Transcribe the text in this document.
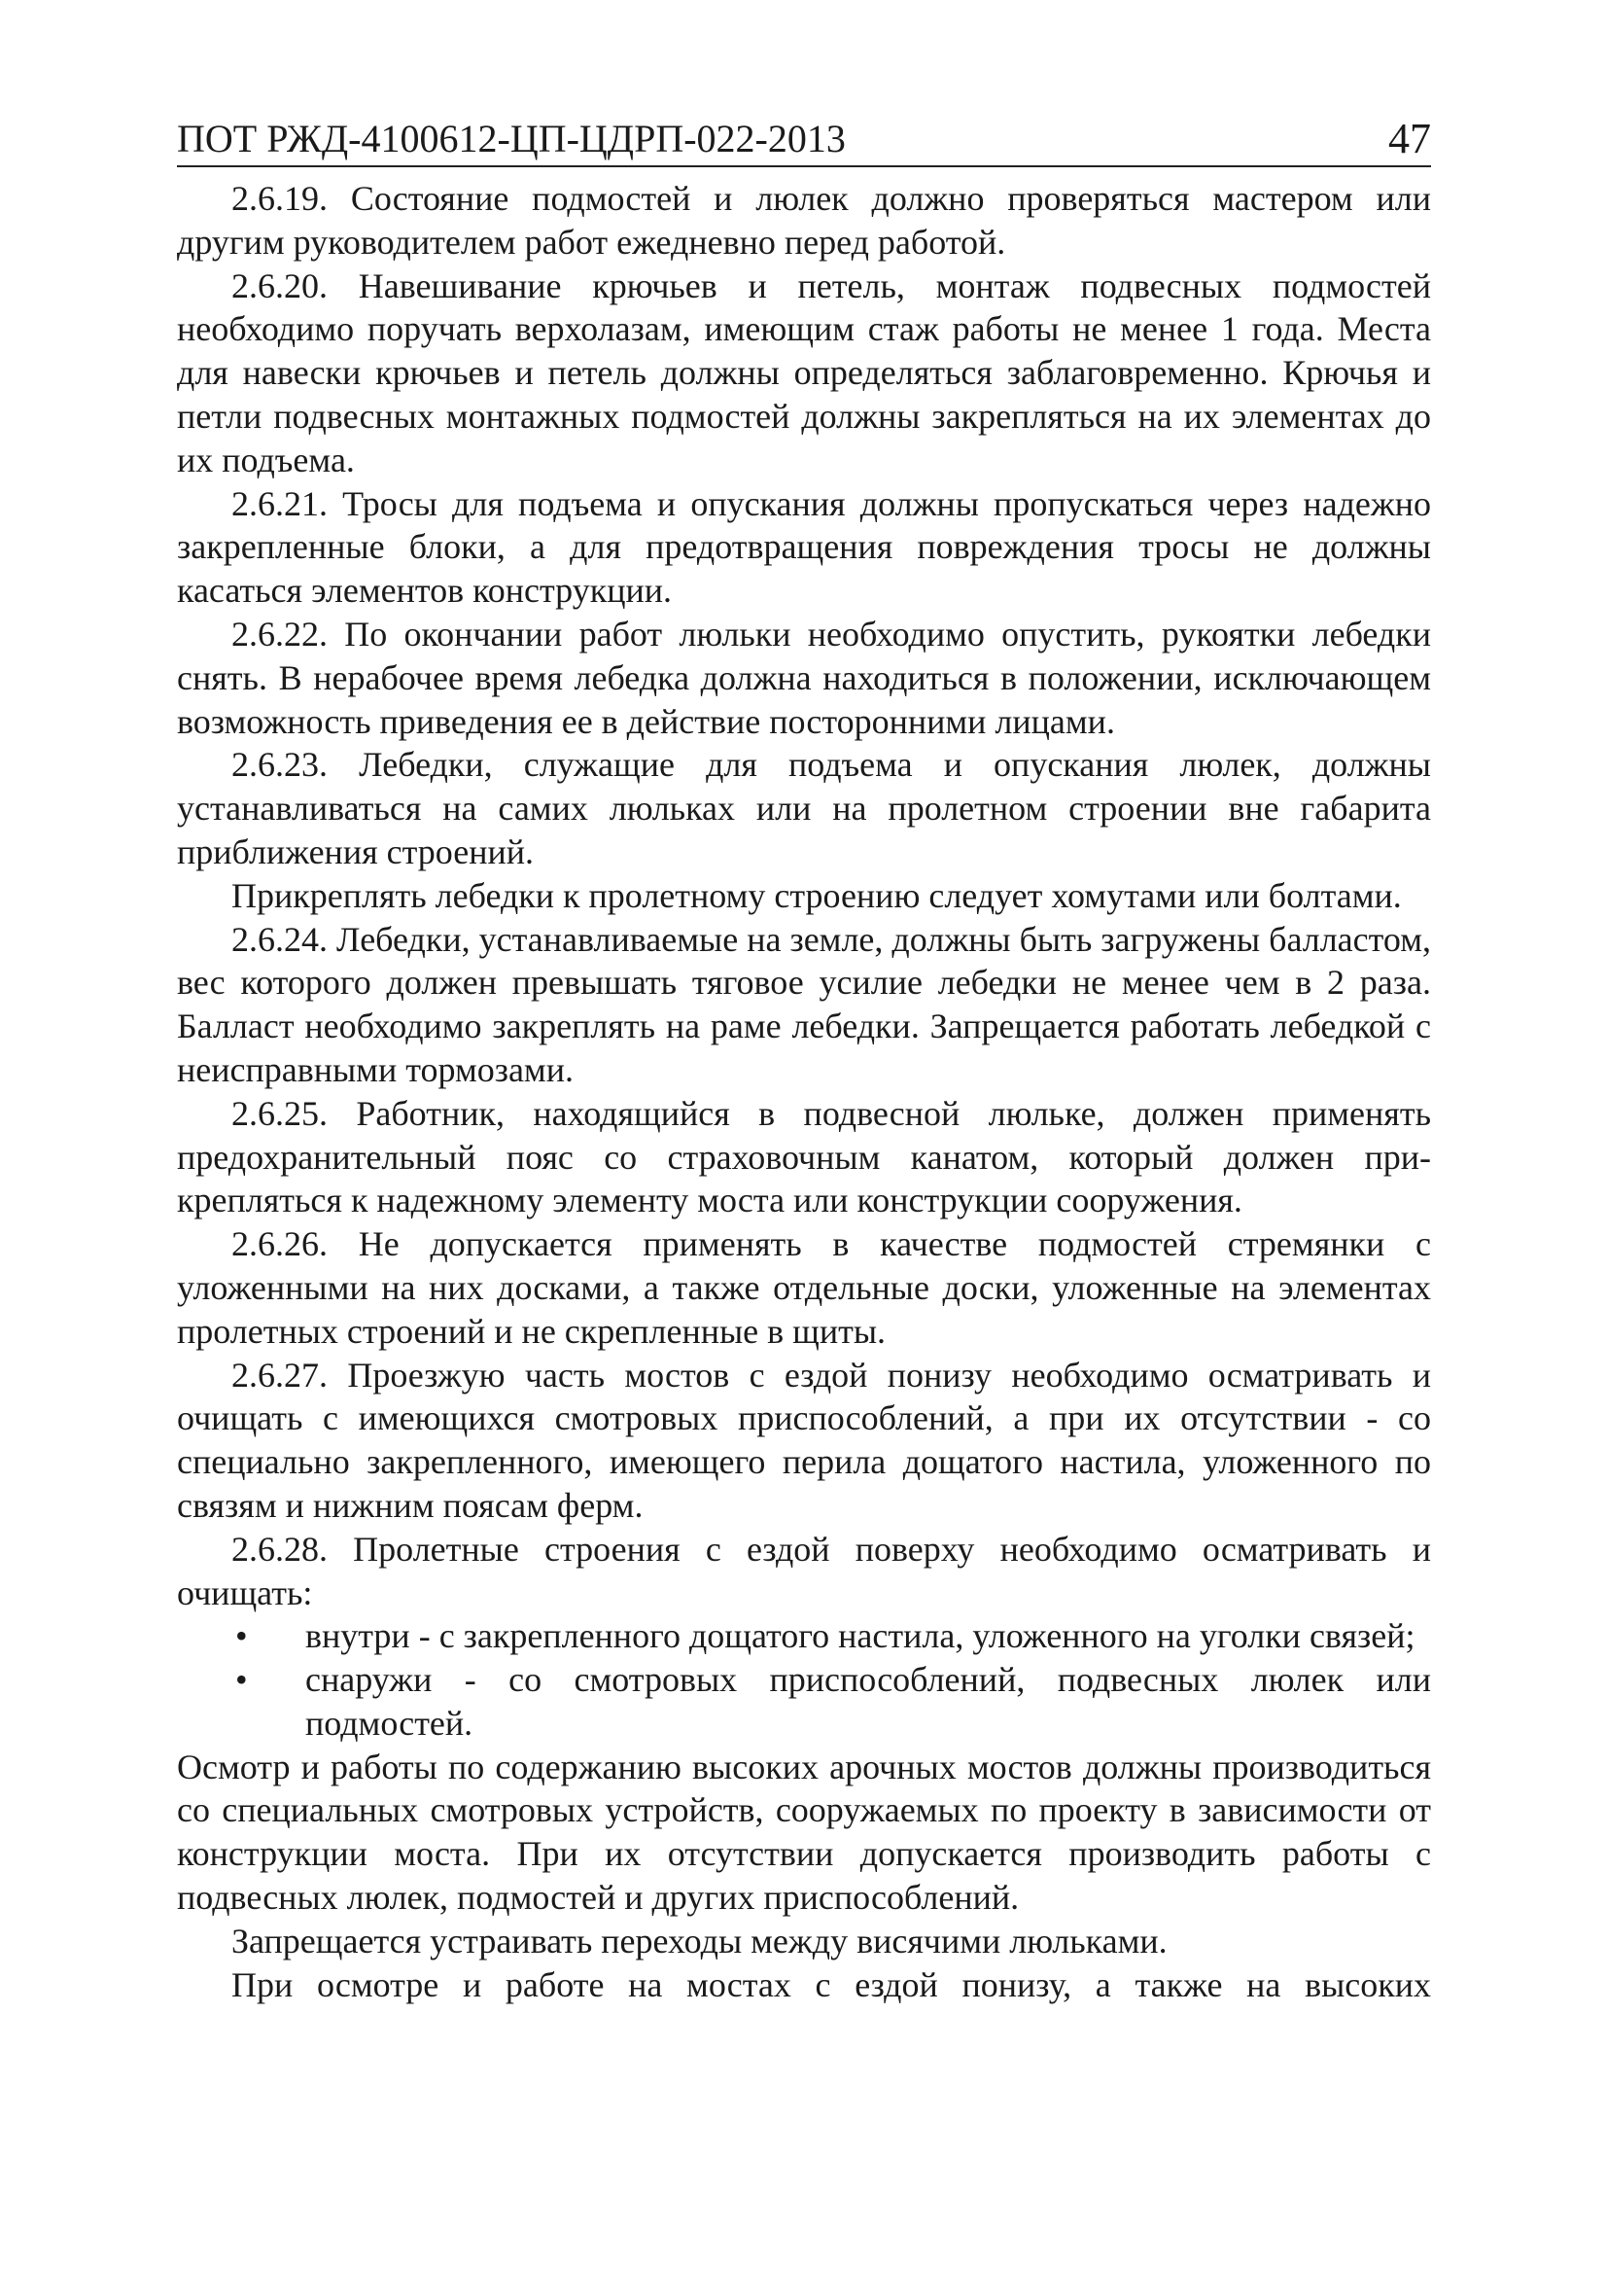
ПОТ РЖД-4100612-ЦП-ЦДРП-022-2013	47

2.6.19. Состояние подмостей и люлек должно проверяться мастером или другим руководителем работ ежедневно перед работой.

2.6.20. Навешивание крючьев и петель, монтаж подвесных подмостей необходимо поручать верхолазам, имеющим стаж работы не менее 1 года. Места для навески крючьев и петель должны определяться заблаговременно. Крючья и петли подвесных монтажных подмостей должны закрепляться на их элементах до их подъема.

2.6.21. Тросы для подъема и опускания должны пропускаться через надежно закрепленные блоки, а для предотвращения повреждения тросы не должны касаться элементов конструкции.

2.6.22. По окончании работ люльки необходимо опустить, рукоятки лебедки снять. В нерабочее время лебедка должна находиться в положении, исключающем возможность приведения ее в действие посторонними лицами.

2.6.23. Лебедки, служащие для подъема и опускания люлек, должны устанавливаться на самих люльках или на пролетном строении вне габарита приближения строений.

Прикреплять лебедки к пролетному строению следует хомутами или болтами.

2.6.24. Лебедки, устанавливаемые на земле, должны быть загружены балластом, вес которого должен превышать тяговое усилие лебедки не менее чем в 2 раза. Балласт необходимо закреплять на раме лебедки. Запрещается работать лебедкой с неисправными тормозами.

2.6.25. Работник, находящийся в подвесной люльке, должен применять предохранительный пояс со страховочным канатом, который должен прикрепляться к надежному элементу моста или конструкции сооружения.

2.6.26. Не допускается применять в качестве подмостей стремянки с уложенными на них досками, а также отдельные доски, уложенные на элементах пролетных строений и не скрепленные в щиты.

2.6.27. Проезжую часть мостов с ездой понизу необходимо осматривать и очищать с имеющихся смотровых приспособлений, а при их отсутствии - со специально закрепленного, имеющего перила дощатого настила, уложенного по связям и нижним поясам ферм.

2.6.28. Пролетные строения с ездой поверху необходимо осматривать и очищать:

• внутри - с закрепленного дощатого настила, уложенного на уголки связей;
• снаружи - со смотровых приспособлений, подвесных люлек или подмостей.

Осмотр и работы по содержанию высоких арочных мостов должны производиться со специальных смотровых устройств, сооружаемых по проекту в зависимости от конструкции моста. При их отсутствии допускается производить работы с подвесных люлек, подмостей и других приспособлений.

Запрещается устраивать переходы между висячими люльками.

При осмотре и работе на мостах с ездой понизу, а также на высоких
